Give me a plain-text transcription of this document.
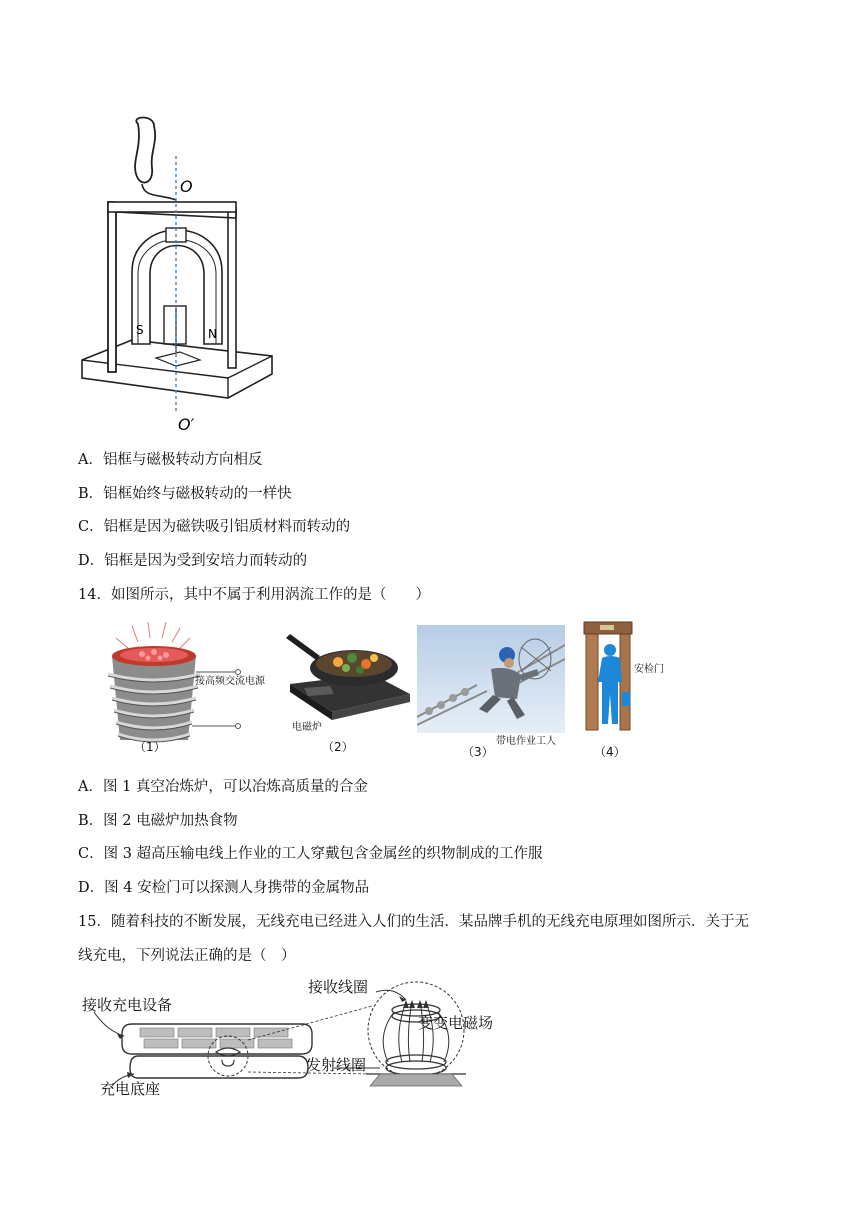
O
O′
S	N
A．铝框与磁极转动方向相反
B．铝框始终与磁极转动的一样快
C．铝框是因为磁铁吸引铝质材料而转动的
D．铝框是因为受到安培力而转动的
14．如图所示，其中不属于利用涡流工作的是（　　）
接高频交流电源
（1）
电磁炉
（2）	带电作业工人
（3）
安检门
（4）
A．图 1 真空冶炼炉，可以冶炼高质量的合金
B．图 2 电磁炉加热食物
C．图 3 超高压输电线上作业的工人穿戴包含金属丝的织物制成的工作服
D．图 4 安检门可以探测人身携带的金属物品
15．随着科技的不断发展，无线充电已经进入人们的生活．某品牌手机的无线充电原理如图所示．关于无
线充电，下列说法正确的是（　）
接收充电设备
充电底座
接收线圈
变变电磁场
发射线圈
